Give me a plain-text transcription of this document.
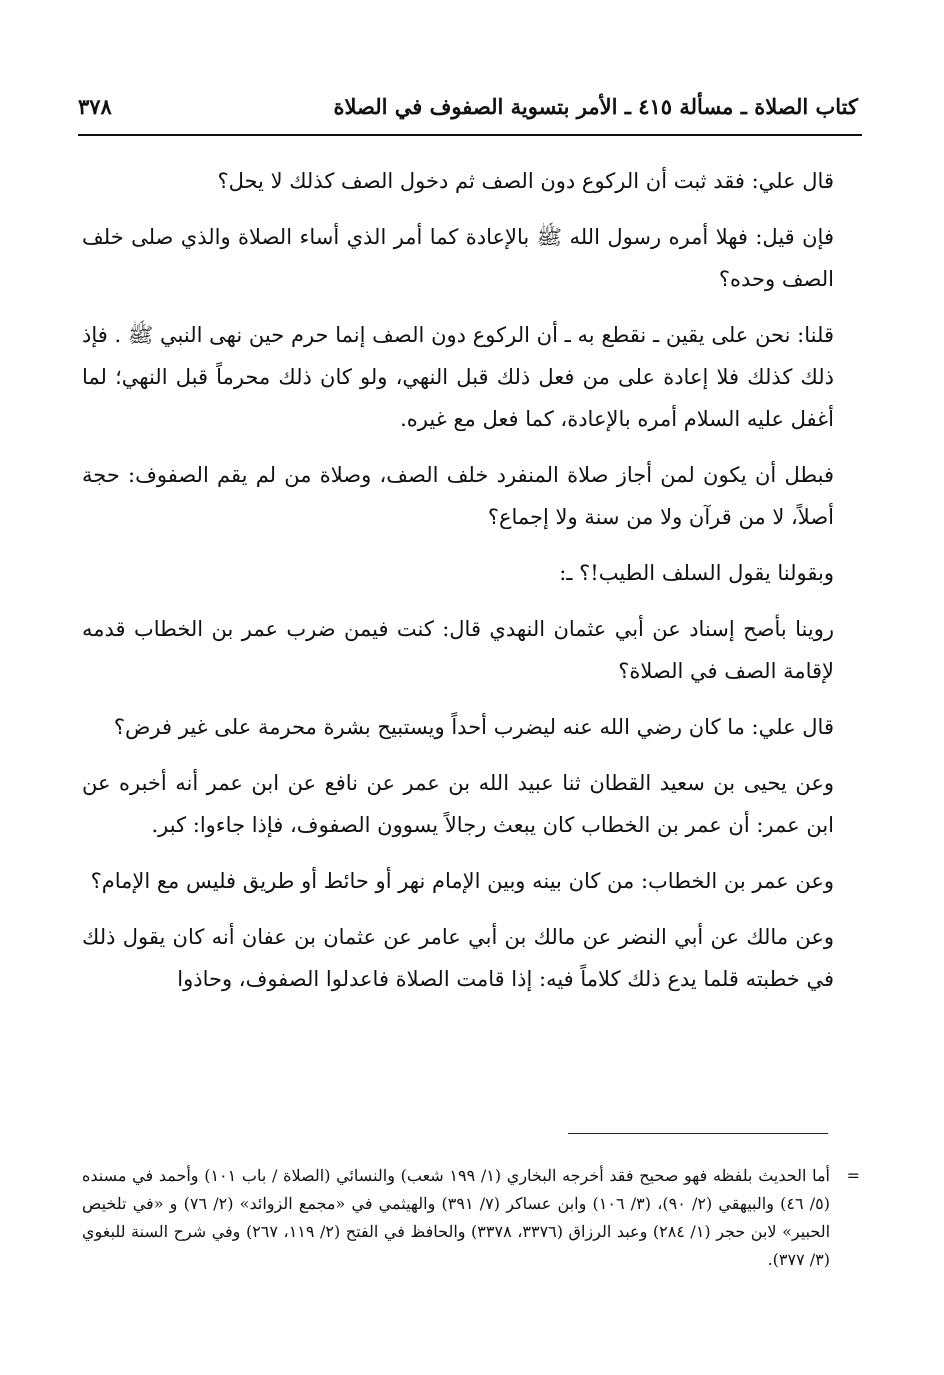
كتاب الصلاة ـ مسألة ٤١٥ ـ الأمر بتسوية الصفوف في الصلاة
٣٧٨

قال علي: فقد ثبت أن الركوع دون الصف ثم دخول الصف كذلك لا يحل؟

فإن قيل: فهلا أمره رسول الله ﷺ بالإعادة كما أمر الذي أساء الصلاة والذي صلى خلف الصف وحده؟

قلنا: نحن على يقين ـ نقطع به ـ أن الركوع دون الصف إنما حرم حين نهى النبي ﷺ . فإذ ذلك كذلك فلا إعادة على من فعل ذلك قبل النهي، ولو كان ذلك محرماً قبل النهي؛ لما أغفل عليه السلام أمره بالإعادة، كما فعل مع غيره.

فبطل أن يكون لمن أجاز صلاة المنفرد خلف الصف، وصلاة من لم يقم الصفوف: حجة أصلاً، لا من قرآن ولا من سنة ولا إجماع؟

وبقولنا يقول السلف الطيب!؟ ـ:

روينا بأصح إسناد عن أبي عثمان النهدي قال: كنت فيمن ضرب عمر بن الخطاب قدمه لإقامة الصف في الصلاة؟

قال علي: ما كان رضي الله عنه ليضرب أحداً ويستبيح بشرة محرمة على غير فرض؟

وعن يحيى بن سعيد القطان ثنا عبيد الله بن عمر عن نافع عن ابن عمر أنه أخبره عن ابن عمر: أن عمر بن الخطاب كان يبعث رجالاً يسوون الصفوف، فإذا جاءوا: كبر.

وعن عمر بن الخطاب: من كان بينه وبين الإمام نهر أو حائط أو طريق فليس مع الإمام؟

وعن مالك عن أبي النضر عن مالك بن أبي عامر عن عثمان بن عفان أنه كان يقول ذلك في خطبته قلما يدع ذلك كلاماً فيه: إذا قامت الصلاة فاعدلوا الصفوف، وحاذوا

=
أما الحديث بلفظه فهو صحيح فقد أخرجه البخاري (١/ ١٩٩ شعب) والنسائي (الصلاة / باب ١٠١) وأحمد في مسنده (٥/ ٤٦) والبيهقي (٢/ ٩٠)، (٣/ ١٠٦) وابن عساكر (٧/ ٣٩١) والهيثمي في «مجمع الزوائد» (٢/ ٧٦) و «في تلخيص الحبير» لابن حجر (١/ ٢٨٤) وعبد الرزاق (٣٣٧٦، ٣٣٧٨) والحافظ في الفتح (٢/ ١١٩، ٢٦٧) وفي شرح السنة للبغوي (٣/ ٣٧٧).
